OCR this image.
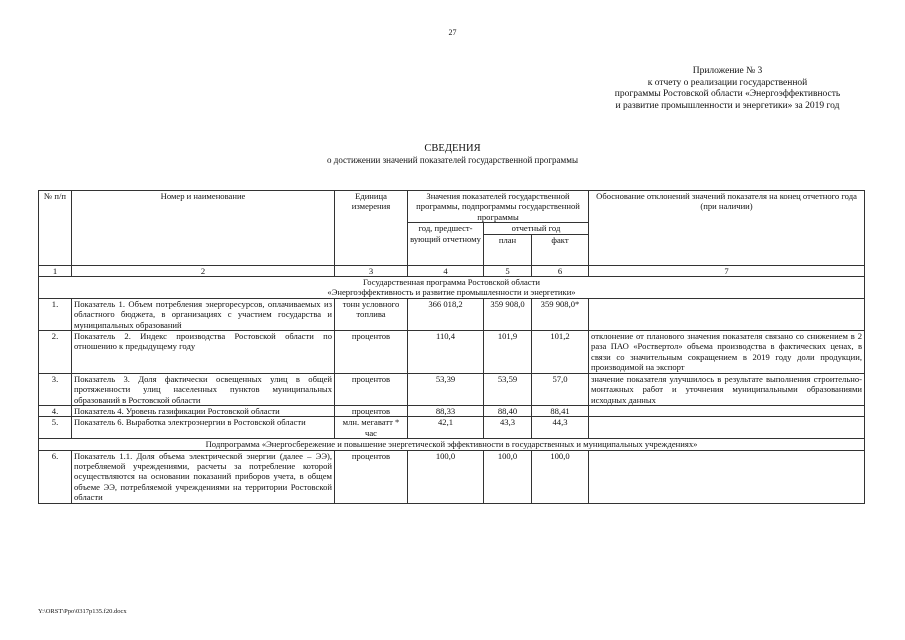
27
Приложение № 3
к отчету о реализации государственной
программы Ростовской области «Энергоэффективность
и развитие промышленности и энергетики» за 2019 год
СВЕДЕНИЯ
о достижении значений показателей государственной программы
№ п/п	Номер и наименование	Единица измерения	Значения показателей государственной программы, подпрограммы государственной программы			Обоснование отклонений значений показателя на конец отчетного года (при наличии)
			год, предшест-вующий отчетному	отчетный год		
				план	факт	
1	2	3	4	5	6	7

Государственная программа Ростовской области
«Энергоэффективность и развитие промышленности и энергетики»						

1.	Показатель 1. Объем потребления энергоресурсов, оплачиваемых из областного бюджета, в организациях с участием государства и муниципальных образований	тонн условного топлива	366 018,2	359 908,0	359 908,0*	
2.	Показатель 2. Индекс производства Ростовской области по отношению к предыдущему году	процентов	110,4	101,9	101,2	отклонение от планового значения показателя связано со снижением в 2 раза ПАО «Роствертол» объема производства в фактических ценах, в связи со значительным сокращением в 2019 году доли продукции, производимой на экспорт
3.	Показатель 3. Доля фактически освещенных улиц в общей протяженности улиц населенных пунктов муниципальных образований в Ростовской области	процентов	53,39	53,59	57,0	значение показателя улучшилось в результате выполнения строительно-монтажных работ и уточнения муниципальными образованиями исходных данных
4.	Показатель 4. Уровень газификации Ростовской области	процентов	88,33	88,40	88,41	
5.	Показатель 6. Выработка электроэнергии в Ростовской области	млн. мегаватт * час	42,1	43,3	44,3	
Подпрограмма «Энергосбережение и повышение энергетической эффективности в государственных и муниципальных учреждениях»						
6.	Показатель 1.1. Доля объема электрической энергии (далее – ЭЭ), потребляемой учреждениями, расчеты за потребление которой осуществляются на основании показаний приборов учета, в общем объеме ЭЭ, потребляемой учреждениями на территории Ростовской области	процентов	100,0	100,0	100,0	
Y:\ORST\Ppo\0317p135.f20.docx
